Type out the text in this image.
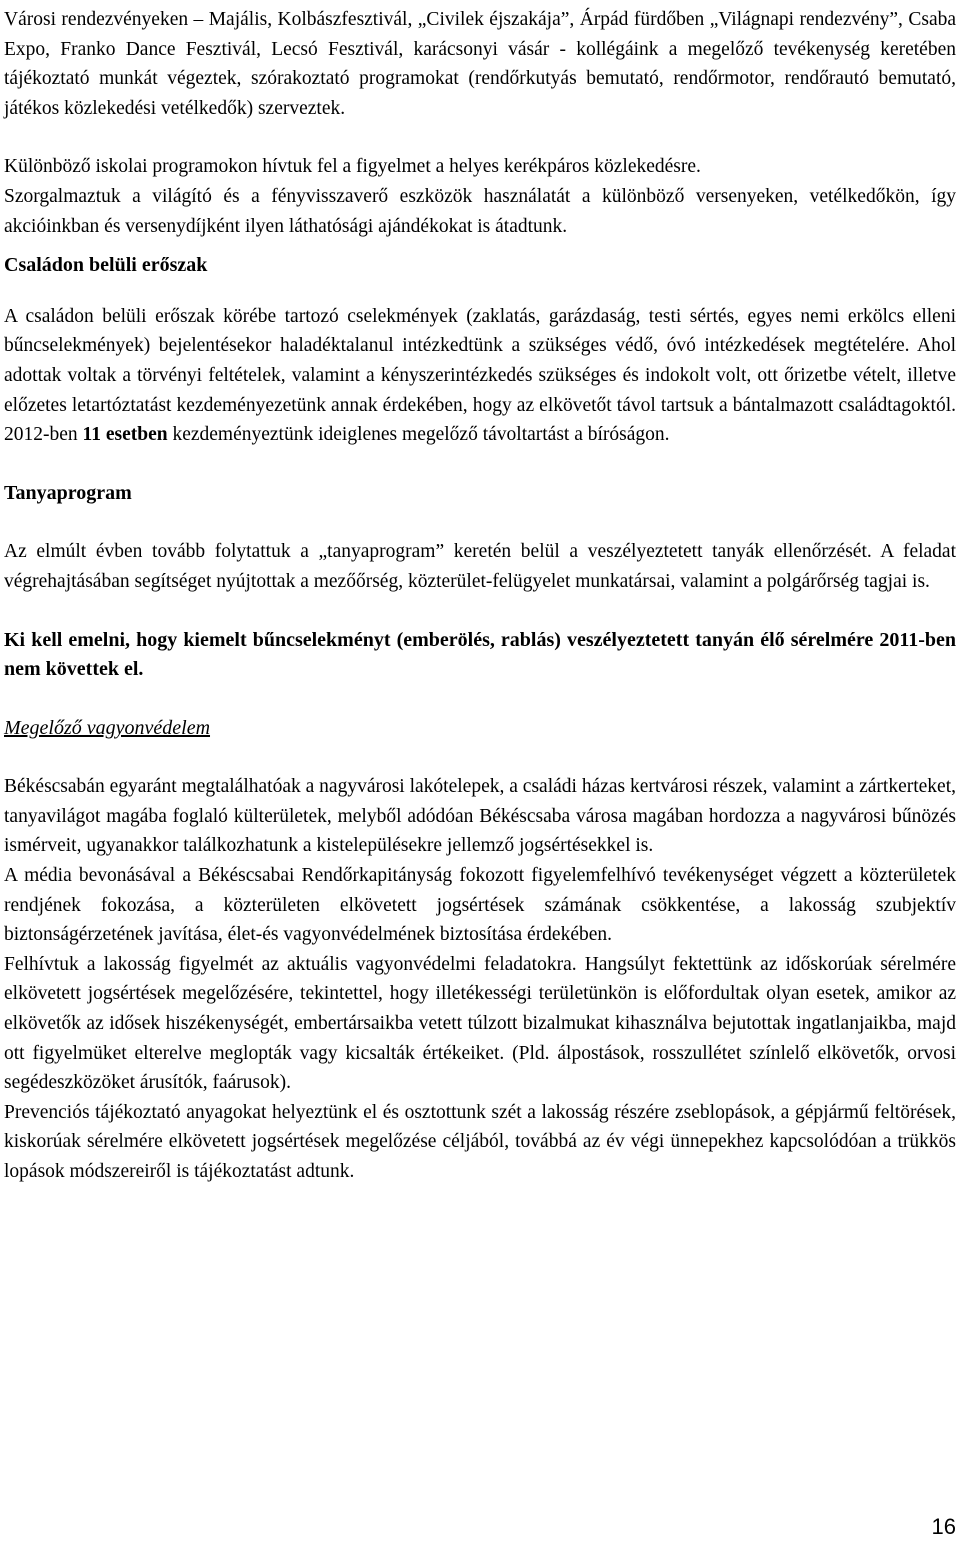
Városi rendezvényeken – Majális, Kolbászfesztivál, „Civilek éjszakája”, Árpád fürdőben „Világnapi rendezvény”, Csaba Expo, Franko Dance Fesztivál, Lecsó Fesztivál, karácsonyi vásár - kollégáink a megelőző tevékenység keretében tájékoztató munkát végeztek, szórakoztató programokat (rendőrkutyás bemutató, rendőrmotor, rendőrautó bemutató, játékos közlekedési vetélkedők) szerveztek.

Különböző iskolai programokon hívtuk fel a figyelmet a helyes kerékpáros közlekedésre.

Szorgalmaztuk a világító és a fényvisszaverő eszközök használatát a különböző versenyeken, vetélkedőkön, így akcióinkban és versenydíjként ilyen láthatósági ajándékokat is átadtunk.

Családon belüli erőszak

A családon belüli erőszak körébe tartozó cselekmények (zaklatás, garázdaság, testi sértés, egyes nemi erkölcs elleni bűncselekmények) bejelentésekor haladéktalanul intézkedtünk a szükséges védő, óvó intézkedések megtételére. Ahol adottak voltak a törvényi feltételek, valamint a kényszerintézkedés szükséges és indokolt volt, ott őrizetbe vételt, illetve előzetes letartóztatást kezdeményezetünk annak érdekében, hogy az elkövetőt távol tartsuk a bántalmazott családtagoktól. 2012-ben 11 esetben kezdeményeztünk ideiglenes megelőző távoltartást a bíróságon.

Tanyaprogram

Az elmúlt évben tovább folytattuk a „tanyaprogram” keretén belül a veszélyeztetett tanyák ellenőrzését. A feladat végrehajtásában segítséget nyújtottak a mezőőrség, közterület-felügyelet munkatársai, valamint a polgárőrség tagjai is.

Ki kell emelni, hogy kiemelt bűncselekményt (emberölés, rablás) veszélyeztetett tanyán élő sérelmére 2011-ben nem követtek el.

Megelőző vagyonvédelem

Békéscsabán egyaránt megtalálhatóak a nagyvárosi lakótelepek, a családi házas kertvárosi részek, valamint a zártkerteket, tanyavilágot magába foglaló külterületek, melyből adódóan Békéscsaba városa magában hordozza a nagyvárosi bűnözés ismérveit, ugyanakkor találkozhatunk a kistelepülésekre jellemző jogsértésekkel is.

A média bevonásával a Békéscsabai Rendőrkapitányság fokozott figyelemfelhívó tevékenységet végzett a közterületek rendjének fokozása, a közterületen elkövetett jogsértések számának csökkentése, a lakosság szubjektív biztonságérzetének javítása, élet-és vagyonvédelmének biztosítása érdekében.

Felhívtuk a lakosság figyelmét az aktuális vagyonvédelmi feladatokra. Hangsúlyt fektettünk az időskorúak sérelmére elkövetett jogsértések megelőzésére, tekintettel, hogy illetékességi területünkön is előfordultak olyan esetek, amikor az elkövetők az idősek hiszékenységét, embertársaikba vetett túlzott bizalmukat kihasználva bejutottak ingatlanjaikba, majd ott figyelmüket elterelve meglopták vagy kicsalták értékeiket. (Pld. álpostások, rosszullétet színlelő elkövetők, orvosi segédeszközöket árusítók, faárusok).

Prevenciós tájékoztató anyagokat helyeztünk el és osztottunk szét a lakosság részére zseblopások, a gépjármű feltörések, kiskorúak sérelmére elkövetett jogsértések megelőzése céljából, továbbá az év végi ünnepekhez kapcsolódóan a trükkös lopások módszereiről is tájékoztatást adtunk.

16
